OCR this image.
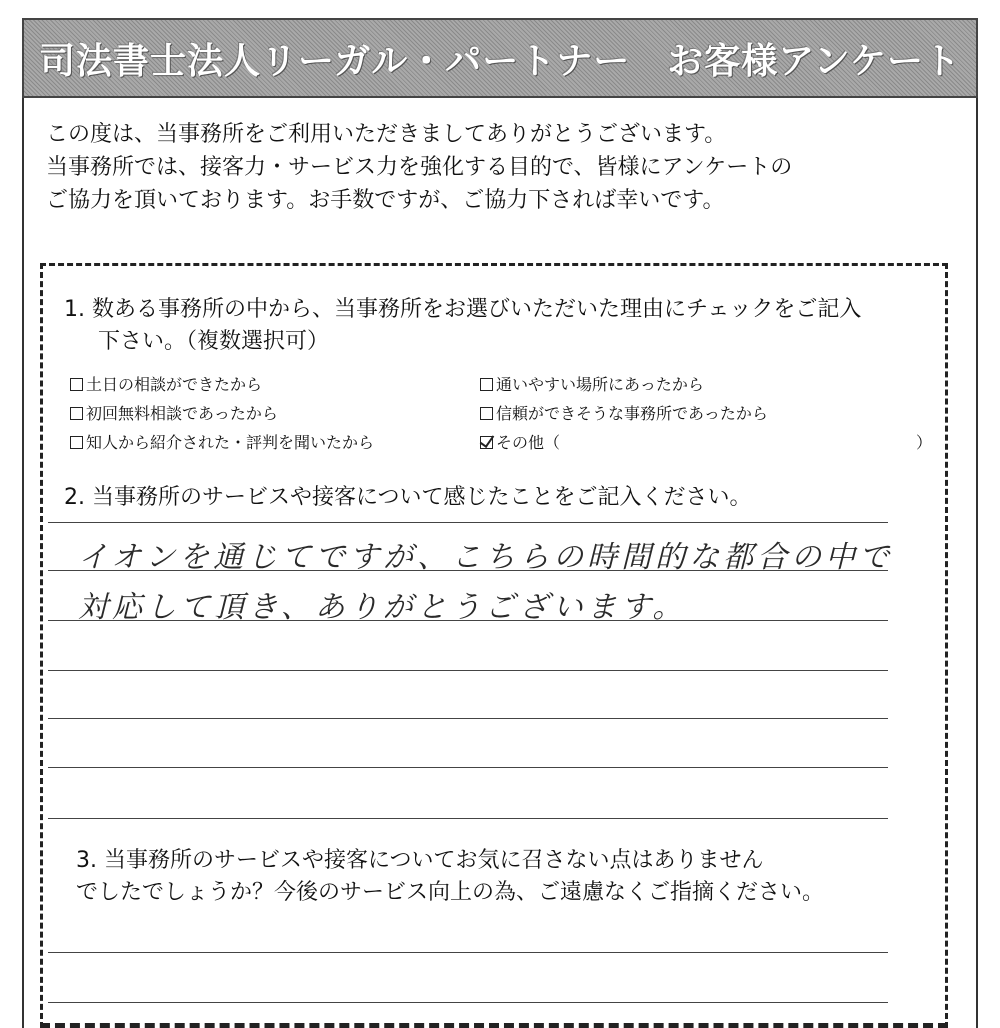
司法書士法人リーガル・パートナー　お客様アンケート
この度は、当事務所をご利用いただきましてありがとうございます。
当事務所では、接客力・サービス力を強化する目的で、皆様にアンケートの
ご協力を頂いております。お手数ですが、ご協力下されば幸いです。
1. 数ある事務所の中から、当事務所をお選びいただいた理由にチェックをご記入
下さい。（複数選択可）
土日の相談ができたから	通いやすい場所にあったから
初回無料相談であったから	信頼ができそうな事務所であったから
知人から紹介された・評判を聞いたから	その他（	）
2. 当事務所のサービスや接客について感じたことをご記入ください。
イオンを通じてですが、こちらの時間的な都合の中で
対応して頂き、ありがとうございます。
3. 当事務所のサービスや接客についてお気に召さない点はありません
でしたでしょうか？今後のサービス向上の為、ご遠慮なくご指摘ください。
